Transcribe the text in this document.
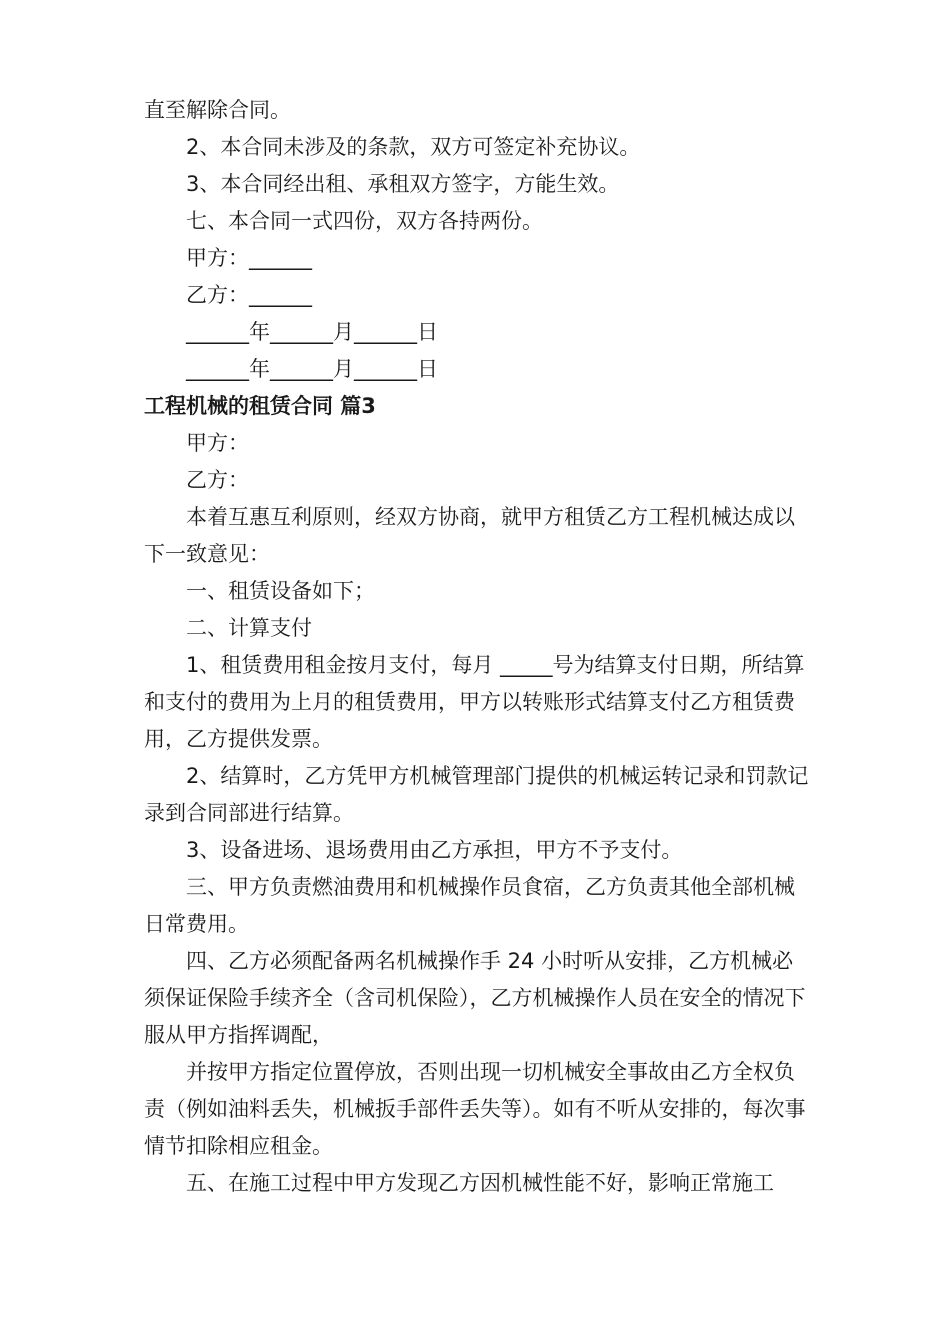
直至解除合同。

2、本合同未涉及的条款，双方可签定补充协议。

3、本合同经出租、承租双方签字，方能生效。

七、本合同一式四份，双方各持两份。

甲方：______

乙方：______

______年______月______日

______年______月______日

工程机械的租赁合同 篇3

甲方：

乙方：

本着互惠互利原则，经双方协商，就甲方租赁乙方工程机械达成以下一致意见：

一、租赁设备如下；

二、计算支付

1、租赁费用租金按月支付，每月 _____号为结算支付日期，所结算和支付的费用为上月的租赁费用，甲方以转账形式结算支付乙方租赁费用，乙方提供发票。

2、结算时，乙方凭甲方机械管理部门提供的机械运转记录和罚款记录到合同部进行结算。

3、设备进场、退场费用由乙方承担，甲方不予支付。

三、甲方负责燃油费用和机械操作员食宿，乙方负责其他全部机械日常费用。

四、乙方必须配备两名机械操作手 24 小时听从安排，乙方机械必须保证保险手续齐全（含司机保险），乙方机械操作人员在安全的情况下服从甲方指挥调配，

并按甲方指定位置停放，否则出现一切机械安全事故由乙方全权负责（例如油料丢失，机械扳手部件丢失等）。如有不听从安排的，每次事情节扣除相应租金。

五、在施工过程中甲方发现乙方因机械性能不好，影响正常施工
